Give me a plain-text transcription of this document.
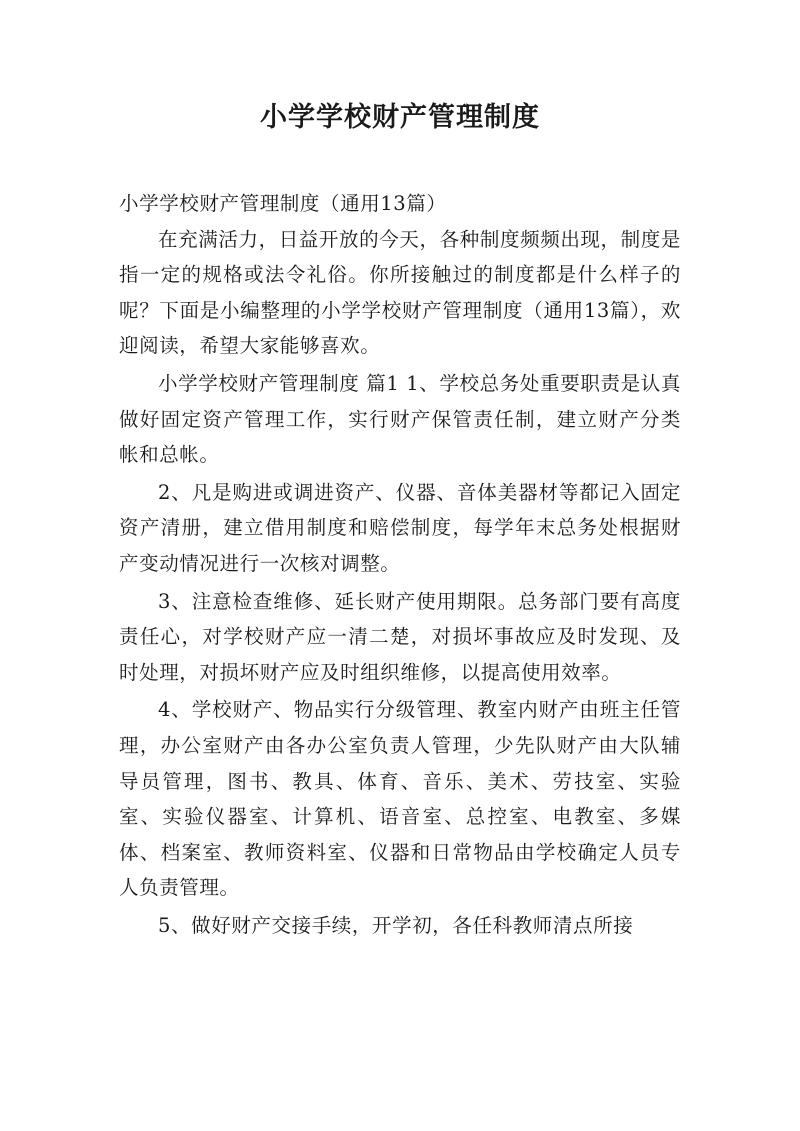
小学学校财产管理制度

小学学校财产管理制度（通用13篇）

在充满活力，日益开放的今天，各种制度频频出现，制度是指一定的规格或法令礼俗。你所接触过的制度都是什么样子的呢？下面是小编整理的小学学校财产管理制度（通用13篇），欢迎阅读，希望大家能够喜欢。

小学学校财产管理制度 篇1 1、学校总务处重要职责是认真做好固定资产管理工作，实行财产保管责任制，建立财产分类帐和总帐。

2、凡是购进或调进资产、仪器、音体美器材等都记入固定资产清册，建立借用制度和赔偿制度，每学年末总务处根据财产变动情况进行一次核对调整。

3、注意检查维修、延长财产使用期限。总务部门要有高度责任心，对学校财产应一清二楚，对损坏事故应及时发现、及时处理，对损坏财产应及时组织维修，以提高使用效率。

4、学校财产、物品实行分级管理、教室内财产由班主任管理，办公室财产由各办公室负责人管理，少先队财产由大队辅导员管理，图书、教具、体育、音乐、美术、劳技室、实验室、实验仪器室、计算机、语音室、总控室、电教室、多媒体、档案室、教师资料室、仪器和日常物品由学校确定人员专人负责管理。

5、做好财产交接手续，开学初，各任科教师清点所接
